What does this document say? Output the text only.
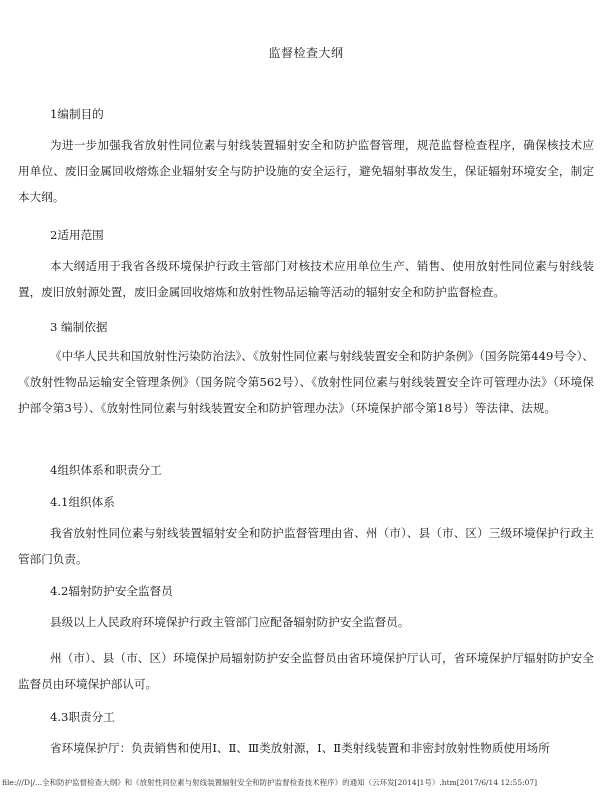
监督检查大纲

1编制目的

为进一步加强我省放射性同位素与射线装置辐射安全和防护监督管理，规范监督检查程序，确保核技术应用单位、废旧金属回收熔炼企业辐射安全与防护设施的安全运行，避免辐射事故发生，保证辐射环境安全，制定本大纲。

2适用范围

本大纲适用于我省各级环境保护行政主管部门对核技术应用单位生产、销售、使用放射性同位素与射线装置，废旧放射源处置，废旧金属回收熔炼和放射性物品运输等活动的辐射安全和防护监督检查。

3 编制依据

《中华人民共和国放射性污染防治法》、《放射性同位素与射线装置安全和防护条例》（国务院第449号令）、《放射性物品运输安全管理条例》（国务院令第562号）、《放射性同位素与射线装置安全许可管理办法》（环境保护部令第3号）、《放射性同位素与射线装置安全和防护管理办法》（环境保护部令第18号）等法律、法规。

4组织体系和职责分工

4.1组织体系

我省放射性同位素与射线装置辐射安全和防护监督管理由省、州（市）、县（市、区）三级环境保护行政主管部门负责。

4.2辐射防护安全监督员

县级以上人民政府环境保护行政主管部门应配备辐射防护安全监督员。

州（市）、县（市、区）环境保护局辐射防护安全监督员由省环境保护厅认可，省环境保护厅辐射防护安全监督员由环境保护部认可。

4.3职责分工

省环境保护厅：负责销售和使用Ⅰ、Ⅱ、Ⅲ类放射源，Ⅰ、Ⅱ类射线装置和非密封放射性物质使用场所

file:///D|/...全和防护监督检查大纲》和《放射性同位素与射线装置辐射安全和防护监督检查技术程序》的通知（云环发[2014]1号）.htm[2017/6/14 12:55:07]
